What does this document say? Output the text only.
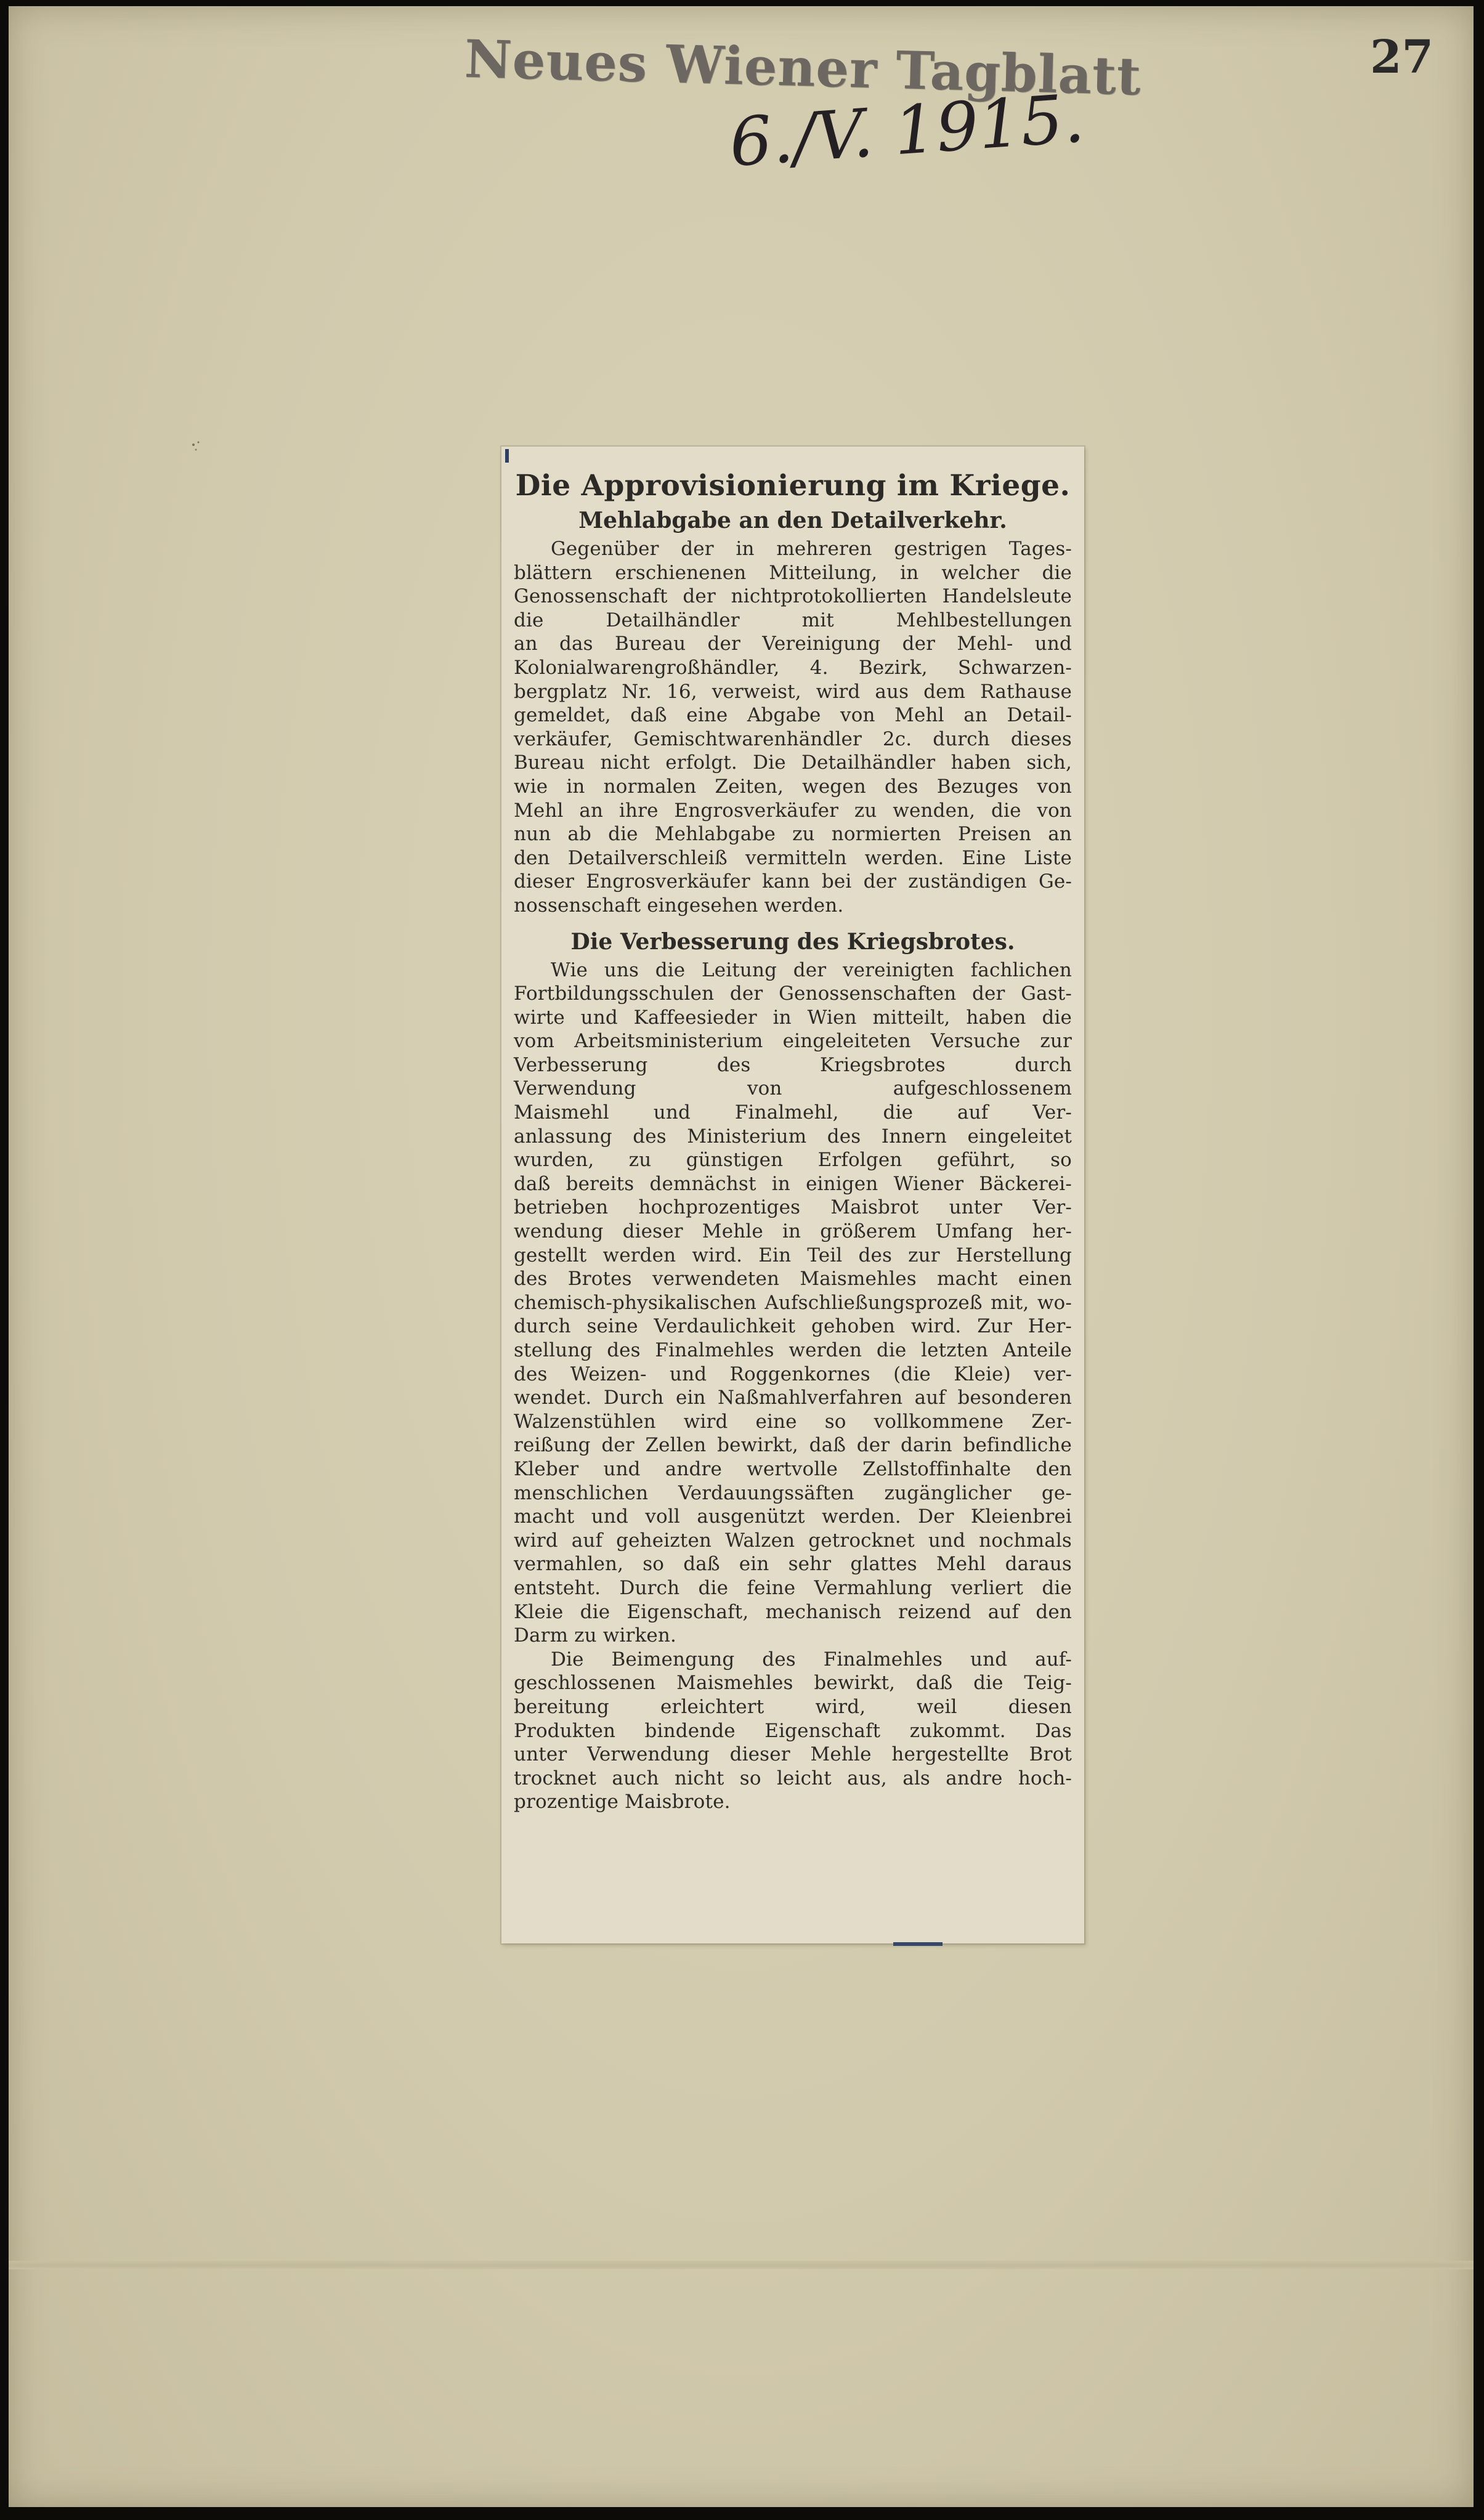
Neues Wiener Tagblatt
6./V. 1915.
27
Die Approvisionierung im Kriege.
Mehlabgabe an den Detailverkehr.
Gegenüber der in mehreren gestrigen Tages-
blättern erschienenen Mitteilung, in welcher die
Genossenschaft der nichtprotokollierten Handelsleute
die Detailhändler mit Mehlbestellungen
an das Bureau der Vereinigung der Mehl- und
Kolonialwarengroßhändler, 4. Bezirk, Schwarzen-
bergplatz Nr. 16, verweist, wird aus dem Rathause
gemeldet, daß eine Abgabe von Mehl an Detail-
verkäufer, Gemischtwarenhändler 2c. durch dieses
Bureau nicht erfolgt. Die Detailhändler haben sich,
wie in normalen Zeiten, wegen des Bezuges von
Mehl an ihre Engrosverkäufer zu wenden, die von
nun ab die Mehlabgabe zu normierten Preisen an
den Detailverschleiß vermitteln werden. Eine Liste
dieser Engrosverkäufer kann bei der zuständigen Ge-
nossenschaft eingesehen werden.
Die Verbesserung des Kriegsbrotes.
Wie uns die Leitung der vereinigten fachlichen
Fortbildungsschulen der Genossenschaften der Gast-
wirte und Kaffeesieder in Wien mitteilt, haben die
vom Arbeitsministerium eingeleiteten Versuche zur
Verbesserung des Kriegsbrotes durch
Verwendung von aufgeschlossenem
Maismehl und Finalmehl, die auf Ver-
anlassung des Ministerium des Innern eingeleitet
wurden, zu günstigen Erfolgen geführt, so
daß bereits demnächst in einigen Wiener Bäckerei-
betrieben hochprozentiges Maisbrot unter Ver-
wendung dieser Mehle in größerem Umfang her-
gestellt werden wird. Ein Teil des zur Herstellung
des Brotes verwendeten Maismehles macht einen
chemisch-physikalischen Aufschließungsprozeß mit, wo-
durch seine Verdaulichkeit gehoben wird. Zur Her-
stellung des Finalmehles werden die letzten Anteile
des Weizen- und Roggenkornes (die Kleie) ver-
wendet. Durch ein Naßmahlverfahren auf besonderen
Walzenstühlen wird eine so vollkommene Zer-
reißung der Zellen bewirkt, daß der darin befindliche
Kleber und andre wertvolle Zellstoffinhalte den
menschlichen Verdauungssäften zugänglicher ge-
macht und voll ausgenützt werden. Der Kleienbrei
wird auf geheizten Walzen getrocknet und nochmals
vermahlen, so daß ein sehr glattes Mehl daraus
entsteht. Durch die feine Vermahlung verliert die
Kleie die Eigenschaft, mechanisch reizend auf den
Darm zu wirken.
Die Beimengung des Finalmehles und auf-
geschlossenen Maismehles bewirkt, daß die Teig-
bereitung erleichtert wird, weil diesen
Produkten bindende Eigenschaft zukommt. Das
unter Verwendung dieser Mehle hergestellte Brot
trocknet auch nicht so leicht aus, als andre hoch-
prozentige Maisbrote.
